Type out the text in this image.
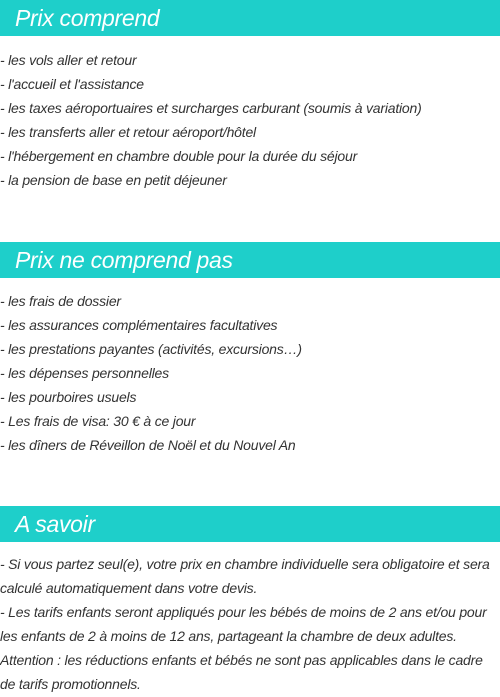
Prix comprend
- les vols aller et retour
- l'accueil et l'assistance
- les taxes aéroportuaires et surcharges carburant (soumis à variation)
- les transferts aller et retour aéroport/hôtel
- l'hébergement en chambre double pour la durée du séjour
- la pension de base en petit déjeuner
Prix ne comprend pas
- les frais de dossier
- les assurances complémentaires facultatives
- les prestations payantes (activités, excursions…)
- les dépenses personnelles
- les pourboires usuels
- Les frais de visa: 30 € à ce jour
- les dîners de Réveillon de Noël et du Nouvel An
A savoir

- Si vous partez seul(e), votre prix en chambre individuelle sera obligatoire et sera calculé automatiquement dans votre devis.

- Les tarifs enfants seront appliqués pour les bébés de moins de 2 ans et/ou pour les enfants de 2 à moins de 12 ans, partageant la chambre de deux adultes.

Attention : les réductions enfants et bébés ne sont pas applicables dans le cadre de tarifs promotionnels.
